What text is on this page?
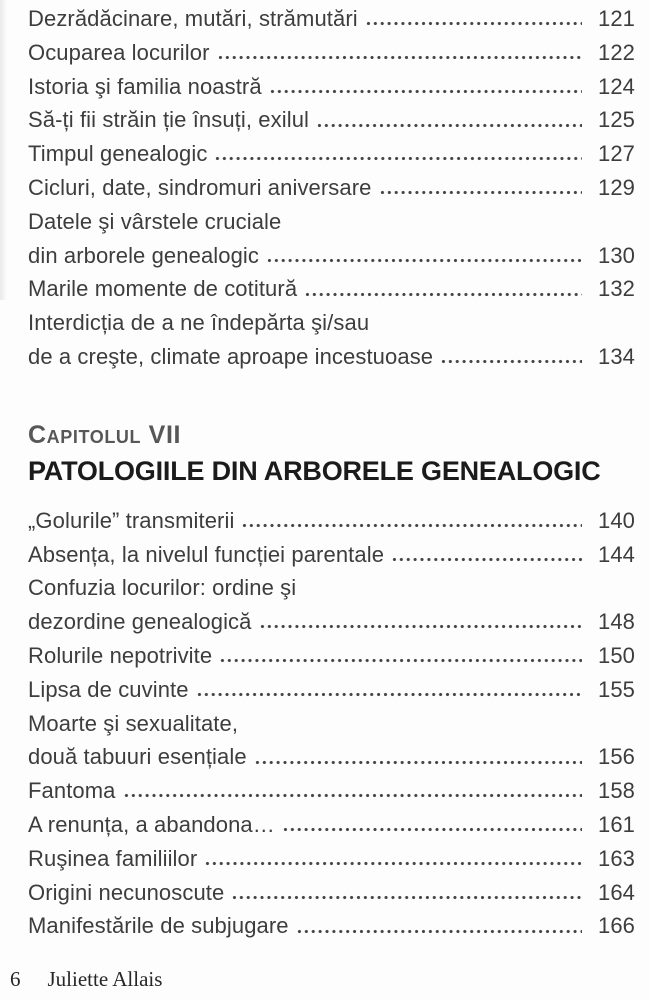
Dezrădăcinare, mutări, strămutări	121
Ocuparea locurilor	122
Istoria şi familia noastră	124
Să-ți fii străin ție însuți, exilul	125
Timpul genealogic	127
Cicluri, date, sindromuri aniversare	129
Datele şi vârstele cruciale
din arborele genealogic	130
Marile momente de cotitură	132
Interdicția de a ne îndepărta şi/sau
de a creşte, climate aproape incestuoase	134
Capitolul VII
PATOLOGIILE DIN ARBORELE GENEALOGIC
„Golurile” transmiterii	140
Absența, la nivelul funcției parentale	144
Confuzia locurilor: ordine şi
dezordine genealogică	148
Rolurile nepotrivite	150
Lipsa de cuvinte	155
Moarte şi sexualitate,
două tabuuri esențiale	156
Fantoma	158
A renunța, a abandona…	161
Ruşinea familiilor	163
Origini necunoscute	164
Manifestările de subjugare	166
6 Juliette Allais
